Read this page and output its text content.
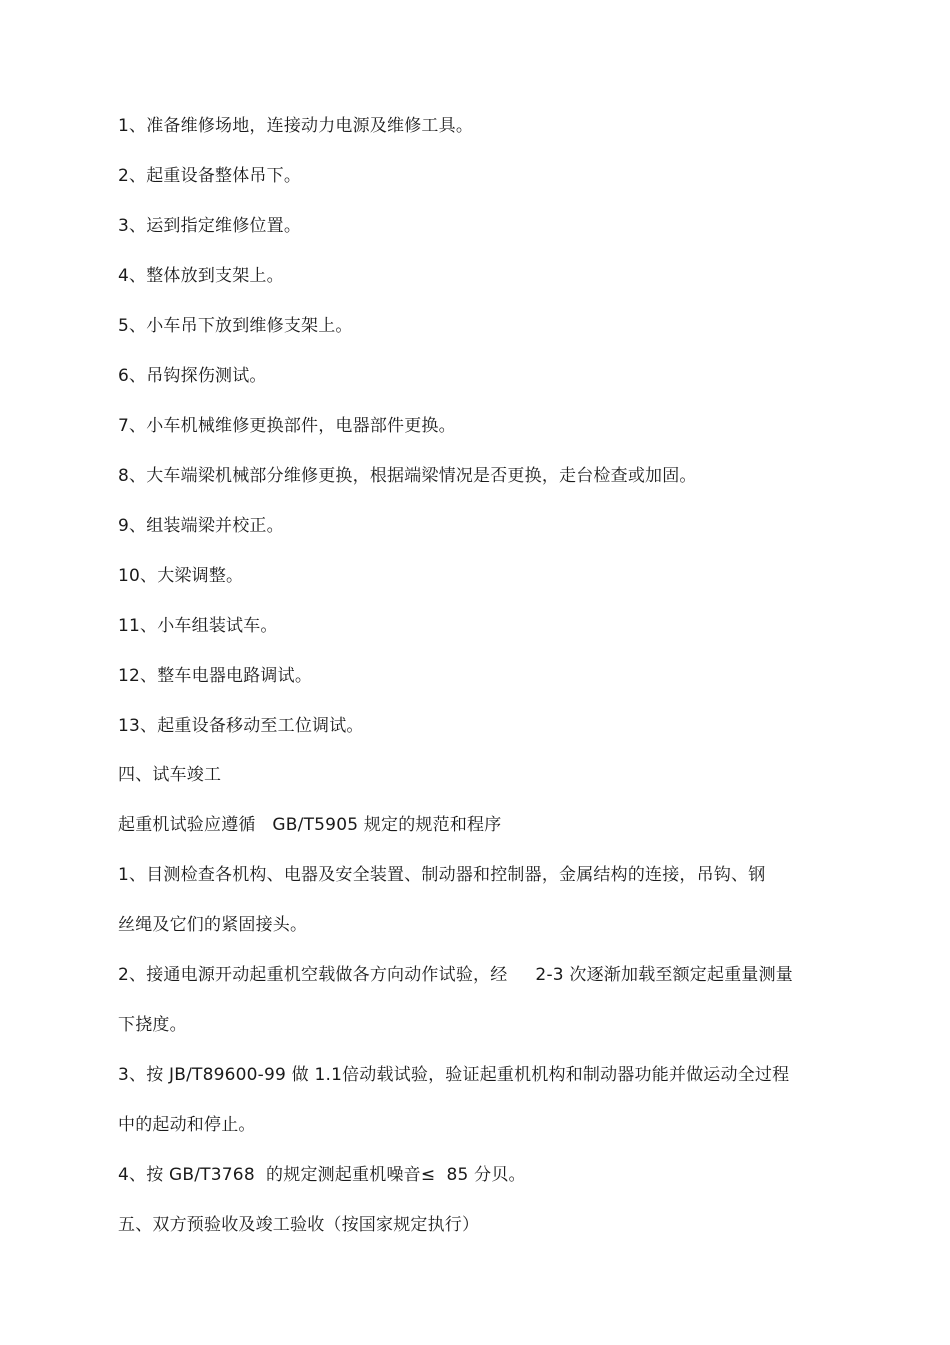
1、准备维修场地，连接动力电源及维修工具。
2、起重设备整体吊下。
3、运到指定维修位置。
4、整体放到支架上。
5、小车吊下放到维修支架上。
6、吊钩探伤测试。
7、小车机械维修更换部件，电器部件更换。
8、大车端梁机械部分维修更换，根据端梁情况是否更换，走台检查或加固。
9、组装端梁并校正。
10、大梁调整。
11、小车组装试车。
12、整车电器电路调试。
13、起重设备移动至工位调试。
四、试车竣工
起重机试验应遵循   GB/T5905 规定的规范和程序
1、目测检查各机构、电器及安全装置、制动器和控制器，金属结构的连接，吊钩、钢
丝绳及它们的紧固接头。
2、接通电源开动起重机空载做各方向动作试验，经     2-3 次逐渐加载至额定起重量测量
下挠度。
3、按 JB/T89600-99 做 1.1倍动载试验，验证起重机机构和制动器功能并做运动全过程
中的起动和停止。
4、按 GB/T3768  的规定测起重机噪音≤  85 分贝。
五、双方预验收及竣工验收（按国家规定执行）
